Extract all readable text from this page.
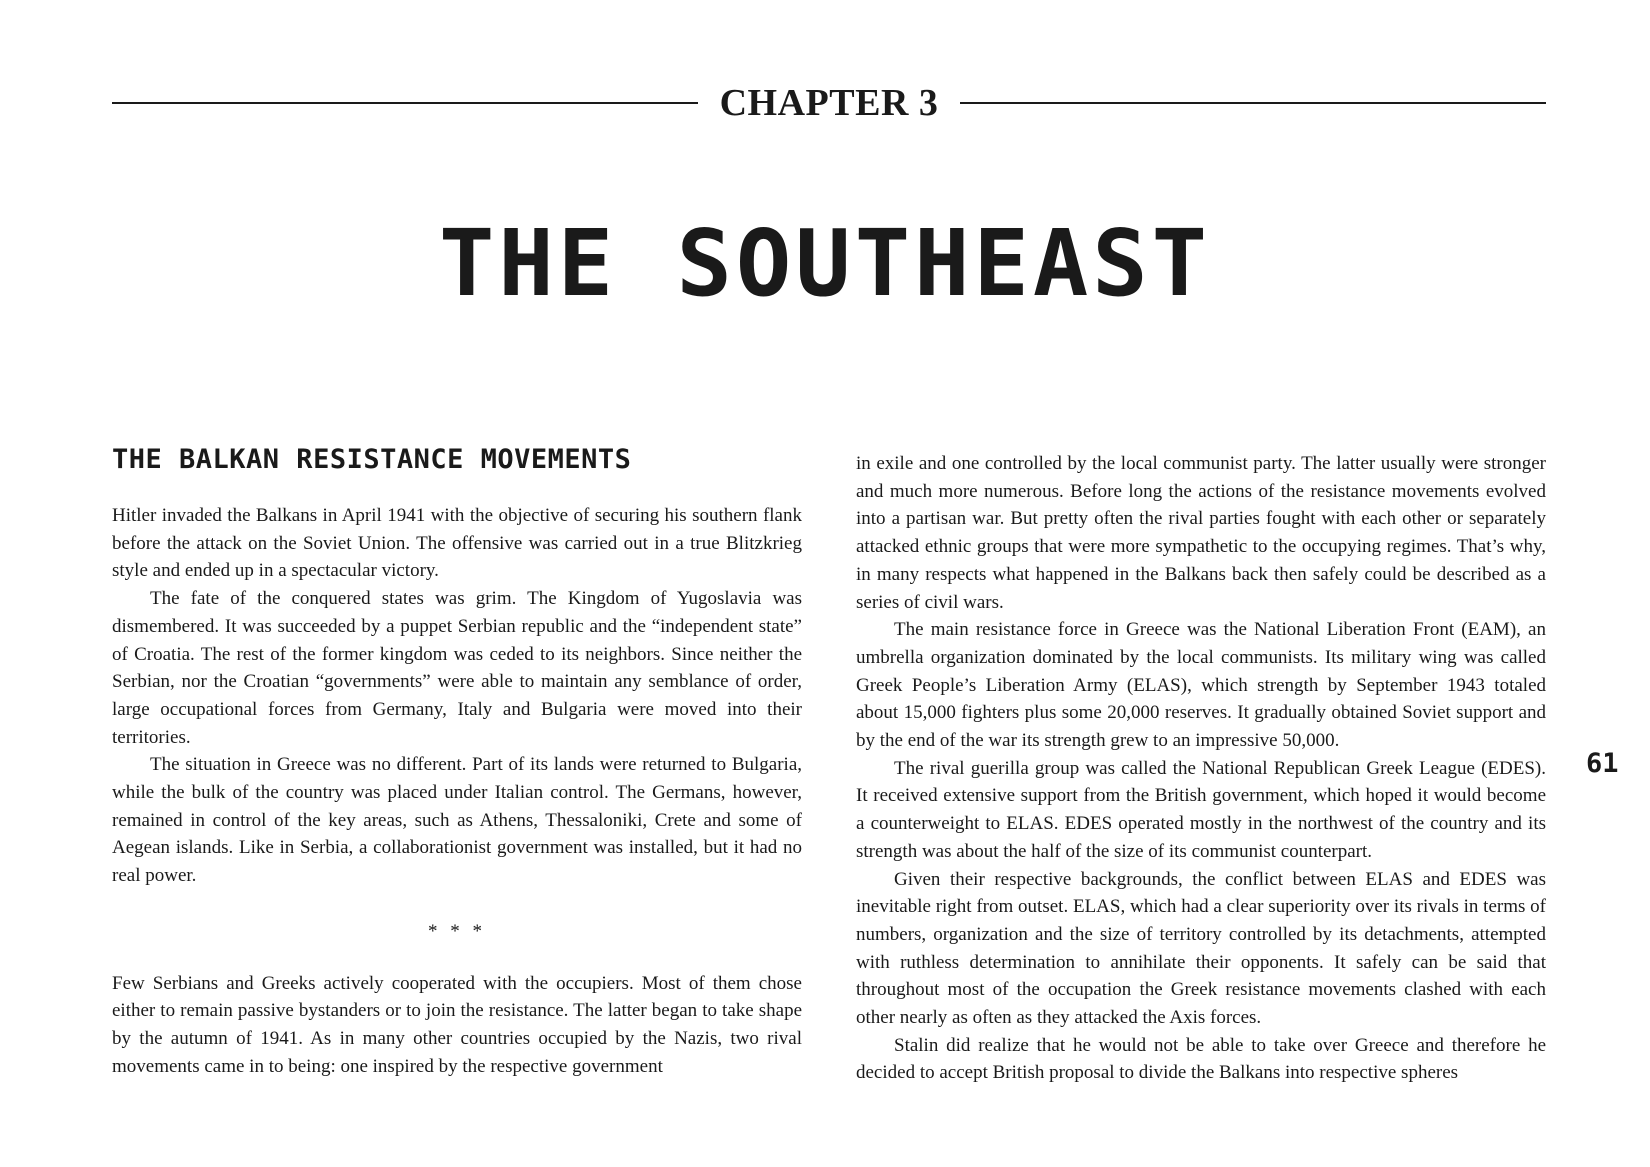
CHAPTER 3
THE SOUTHEAST
THE BALKAN RESISTANCE MOVEMENTS

Hitler invaded the Balkans in April 1941 with the objective of securing his southern flank before the attack on the Soviet Union. The offensive was carried out in a true Blitzkrieg style and ended up in a spectacular victory.

The fate of the conquered states was grim. The Kingdom of Yugoslavia was dismembered. It was succeeded by a puppet Serbian republic and the “independent state” of Croatia. The rest of the former kingdom was ceded to its neighbors. Since neither the Serbian, nor the Croatian “governments” were able to maintain any semblance of order, large occupational forces from Germany, Italy and Bulgaria were moved into their territories.

The situation in Greece was no different. Part of its lands were returned to Bulgaria, while the bulk of the country was placed under Italian control. The Germans, however, remained in control of the key areas, such as Athens, Thessaloniki, Crete and some of Aegean islands. Like in Serbia, a collaborationist government was installed, but it had no real power.

* * *

Few Serbians and Greeks actively cooperated with the occupiers. Most of them chose either to remain passive bystanders or to join the resistance. The latter began to take shape by the autumn of 1941. As in many other countries occupied by the Nazis, two rival movements came in to being: one inspired by the respective government

in exile and one controlled by the local communist party. The latter usually were stronger and much more numerous. Before long the actions of the resistance movements evolved into a partisan war. But pretty often the rival parties fought with each other or separately attacked ethnic groups that were more sympathetic to the occupying regimes. That’s why, in many respects what happened in the Balkans back then safely could be described as a series of civil wars.

The main resistance force in Greece was the National Liberation Front (EAM), an umbrella organization dominated by the local communists. Its military wing was called Greek People’s Liberation Army (ELAS), which strength by September 1943 totaled about 15,000 fighters plus some 20,000 reserves. It gradually obtained Soviet support and by the end of the war its strength grew to an impressive 50,000.

The rival guerilla group was called the National Republican Greek League (EDES). It received extensive support from the British government, which hoped it would become a counterweight to ELAS. EDES operated mostly in the northwest of the country and its strength was about the half of the size of its communist counterpart.

Given their respective backgrounds, the conflict between ELAS and EDES was inevitable right from outset. ELAS, which had a clear superiority over its rivals in terms of numbers, organization and the size of territory controlled by its detachments, attempted with ruthless determination to annihilate their opponents. It safely can be said that throughout most of the occupation the Greek resistance movements clashed with each other nearly as often as they attacked the Axis forces.

Stalin did realize that he would not be able to take over Greece and therefore he decided to accept British proposal to divide the Balkans into respective spheres

61
